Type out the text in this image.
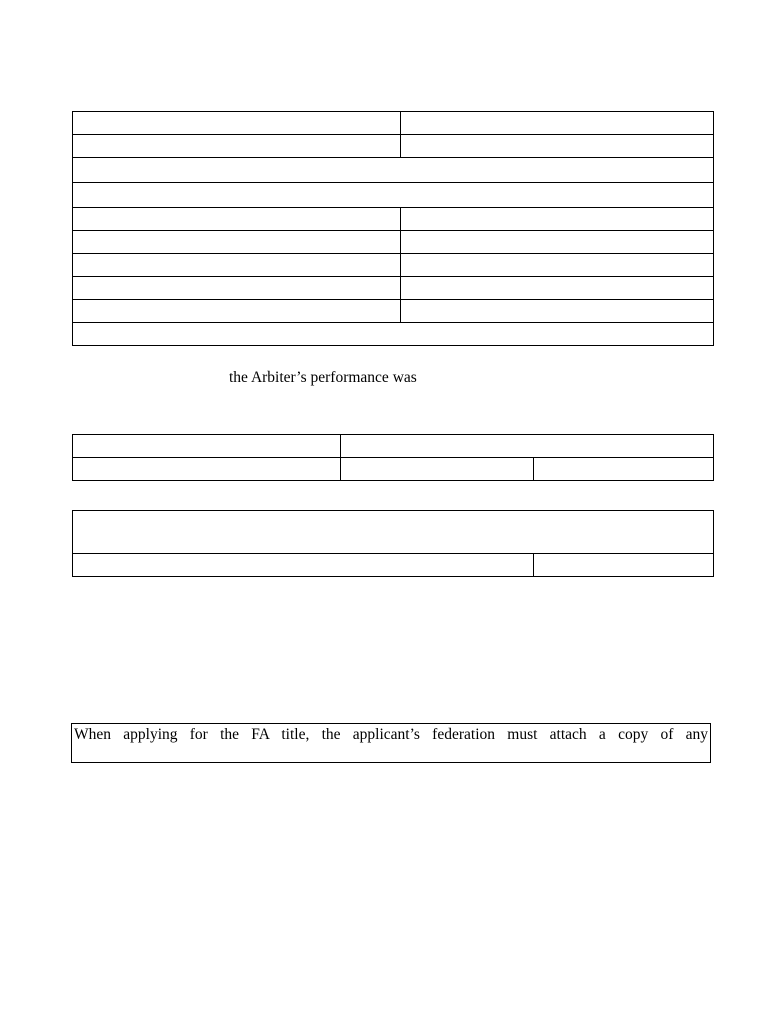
the Arbiter’s performance was

When applying for the FA title, the applicant’s federation must attach a copy of any
